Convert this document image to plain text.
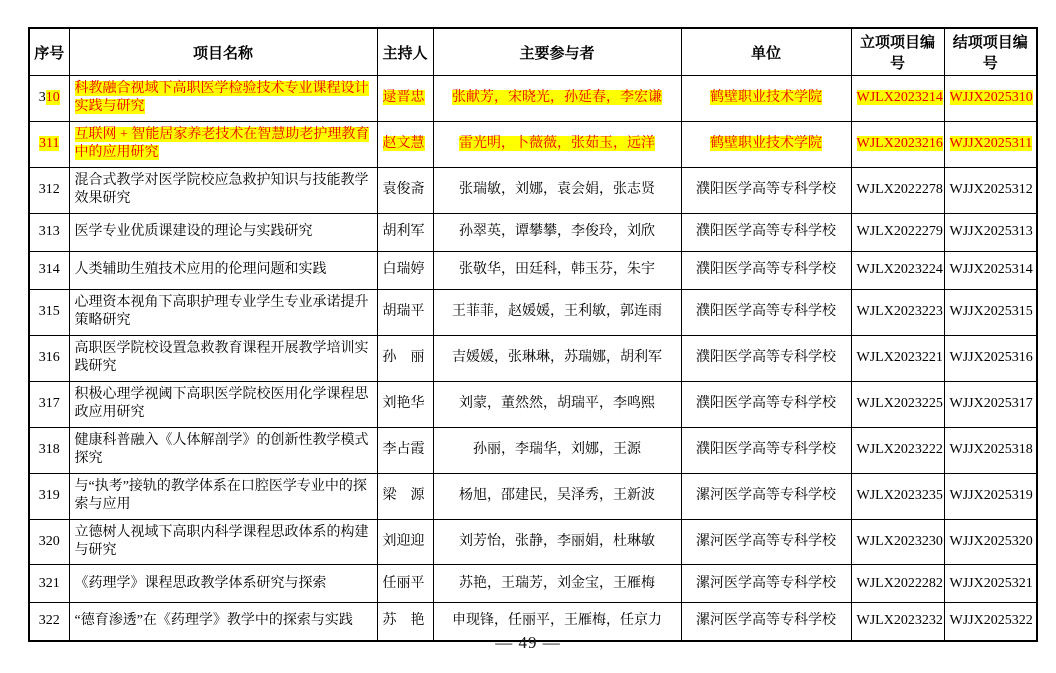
序号	项目名称	主持人	主要参与者	单位	立项项目编号	结项项目编号
310	科教融合视域下高职医学检验技术专业课程设计实践与研究	逯晋忠	张献芳，宋晓光，孙延春，李宏谦	鹤壁职业技术学院	WJLX2023214	WJJX2025310
311	互联网 + 智能居家养老技术在智慧助老护理教育中的应用研究	赵文慧	雷光明，卜薇薇，张茹玉，远洋	鹤壁职业技术学院	WJLX2023216	WJJX2025311
312	混合式教学对医学院校应急救护知识与技能教学效果研究	袁俊斋	张瑞敏，刘娜，袁会娟，张志贤	濮阳医学高等专科学校	WJLX2022278	WJJX2025312
313	医学专业优质课建设的理论与实践研究	胡利军	孙翠英，谭攀攀，李俊玲，刘欣	濮阳医学高等专科学校	WJLX2022279	WJJX2025313
314	人类辅助生殖技术应用的伦理问题和实践	白瑞婷	张敬华，田廷科，韩玉芬，朱宇	濮阳医学高等专科学校	WJLX2023224	WJJX2025314
315	心理资本视角下高职护理专业学生专业承诺提升策略研究	胡瑞平	王菲菲，赵媛媛，王利敏，郭连雨	濮阳医学高等专科学校	WJLX2023223	WJJX2025315
316	高职医学院校设置急救教育课程开展教学培训实践研究	孙　丽	吉媛媛，张琳琳，苏瑞娜，胡利军	濮阳医学高等专科学校	WJLX2023221	WJJX2025316
317	积极心理学视阈下高职医学院校医用化学课程思政应用研究	刘艳华	刘蒙，董然然，胡瑞平，李鸣熙	濮阳医学高等专科学校	WJLX2023225	WJJX2025317
318	健康科普融入《人体解剖学》的创新性教学模式探究	李占霞	孙丽，李瑞华，刘娜，王源	濮阳医学高等专科学校	WJLX2023222	WJJX2025318
319	与“执考”接轨的教学体系在口腔医学专业中的探索与应用	梁　源	杨旭，邵建民，吴泽秀，王新波	漯河医学高等专科学校	WJLX2023235	WJJX2025319
320	立德树人视域下高职内科学课程思政体系的构建与研究	刘迎迎	刘芳怡，张静，李丽娟，杜琳敏	漯河医学高等专科学校	WJLX2023230	WJJX2025320
321	《药理学》课程思政教学体系研究与探索	任丽平	苏艳，王瑞芳，刘金宝，王雁梅	漯河医学高等专科学校	WJLX2022282	WJJX2025321
322	“德育渗透”在《药理学》教学中的探索与实践	苏　艳	申现锋，任丽平，王雁梅，任京力	漯河医学高等专科学校	WJLX2023232	WJJX2025322
— 49 —
